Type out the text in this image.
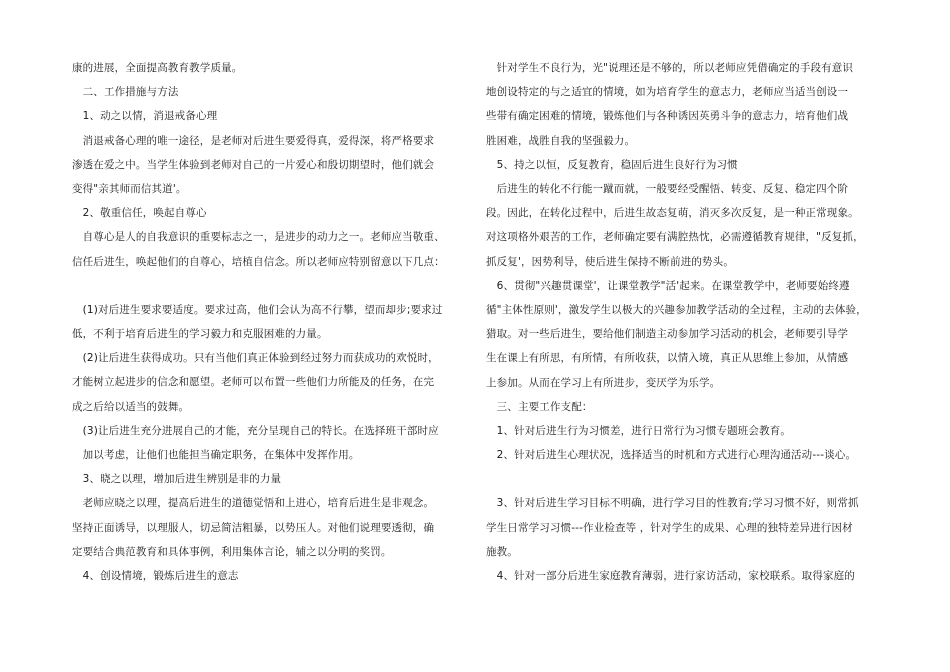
康的进展，全面提高教育教学质量。

　二、工作措施与方法

　1、动之以情，消退戒备心理

　消退戒备心理的唯一途径，是老师对后进生要爱得真，爱得深，将严格要求

渗透在爱之中。当学生体验到老师对自己的一片爱心和殷切期望时，他们就会

变得"亲其师而信其道'。

　2、敬重信任，唤起自尊心

　自尊心是人的自我意识的重要标志之一，是进步的动力之一。老师应当敬重、

信任后进生，唤起他们的自尊心，培植自信念。所以老师应特别留意以下几点：

　(1)对后进生要求要适度。要求过高，他们会认为高不行攀，望而却步;要求过

低，不利于培育后进生的学习毅力和克服困难的力量。

　(2)让后进生获得成功。只有当他们真正体验到经过努力而获成功的欢悦时，

才能树立起进步的信念和愿望。老师可以布置一些他们力所能及的任务，在完

成之后给以适当的鼓舞。

　(3)让后进生充分进展自己的才能，充分呈现自己的特长。在选择班干部时应

　加以考虑，让他们也能担当确定职务，在集体中发挥作用。

　3、晓之以理，增加后进生辨别是非的力量

　老师应晓之以理，提高后进生的道德觉悟和上进心，培育后进生是非观念。

坚持正面诱导，以理服人，切忌简洁粗暴，以势压人。对他们说理要透彻，确

定要结合典范教育和具体事例，利用集体言论，辅之以分明的奖罚。

　4、创设情境，锻炼后进生的意志

　针对学生不良行为，光"说理还是不够的，所以老师应凭借确定的手段有意识

地创设特定的与之适宜的情境，如为培育学生的意志力，老师应当适当创设一

些带有确定困难的情境，锻炼他们与各种诱因英勇斗争的意志力，培育他们战

胜困难，战胜自我的坚强毅力。

　5、持之以恒，反复教育，稳固后进生良好行为习惯

　后进生的转化不行能一蹴而就，一般要经受醒悟、转变、反复、稳定四个阶

段。因此，在转化过程中，后进生故态复萌，消灭多次反复，是一种正常现象。

对这项格外艰苦的工作，老师确定要有满腔热忱，必需遵循教育规律，"反复抓，

抓反复'，因势利导，使后进生保持不断前进的势头。

　6、贯彻"兴趣贯课堂'，让课堂教学"活'起来。在课堂教学中，老师要始终遵

循"主体性原则'，激发学生以极大的兴趣参加教学活动的全过程，主动的去体验，

猎取。对一些后进生，要给他们制造主动参加学习活动的机会，老师要引导学

生在课上有所思，有所情，有所收获，以情入境，真正从思维上参加，从情感

上参加。从而在学习上有所进步，变厌学为乐学。

　三、主要工作支配：

　1、针对后进生行为习惯差，进行日常行为习惯专题班会教育。

　2、针对后进生心理状况，选择适当的时机和方式进行心理沟通活动---谈心。

　3、针对后进生学习目标不明确，进行学习目的性教育;学习习惯不好，则常抓

学生日常学习习惯---作业检查等 ，针对学生的成果、心理的独特差异进行因材

施教。

　4、针对一部分后进生家庭教育薄弱，进行家访活动，家校联系。取得家庭的
